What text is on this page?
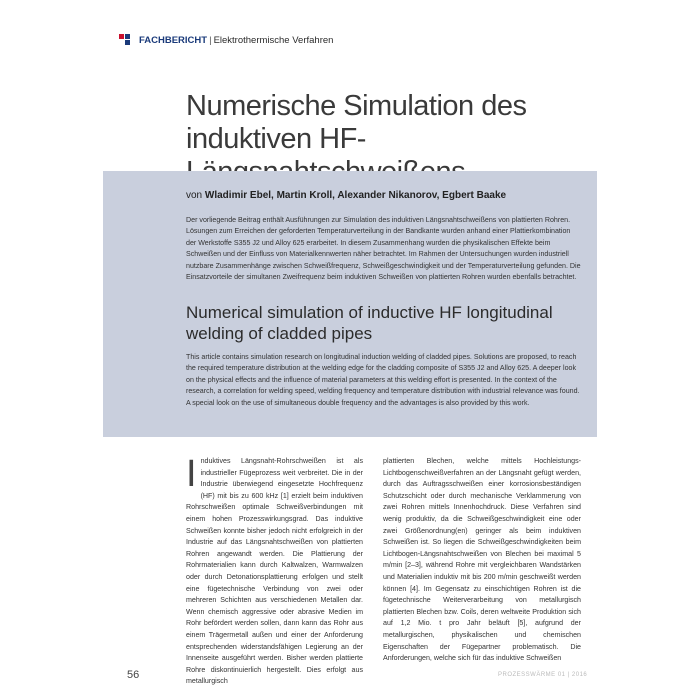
FACHBERICHT | Elektrothermische Verfahren
Numerische Simulation des induktiven HF-
von Wladimir Ebel, Martin Kroll, Alexander Nikanorov, Egbert Baake

Der vorliegende Beitrag enthält Ausführungen zur Simulation des induktiven Längsnahtschweißens von plattierten Rohren. Lösungen zum Erreichen der geforderten Temperaturverteilung in der Bandkante wurden anhand einer Plattierkombination der Werkstoffe S355 J2 und Alloy 625 erarbeitet. In diesem Zusammenhang wurden die physikalischen Effekte beim Schweißen und der Einfluss von Materialkennwerten näher betrachtet. Im Rahmen der Untersuchungen wurden industriell nutzbare Zusammenhänge zwischen Schweißfrequenz, Schweißgeschwindigkeit und der Temperaturverteilung gefunden. Die Einsatzvorteile der simultanen Zweifrequenz beim induktiven Schweißen von plattierten Rohren wurden ebenfalls betrachtet.

Numerical simulation of inductive HF longitudinal welding of cladded pipes

This article contains simulation research on longitudinal induction welding of cladded pipes. Solutions are proposed, to reach the required temperature distribution at the welding edge for the cladding composite of S355 J2 and Alloy 625. A deeper look on the physical effects and the influence of material parameters at this welding effort is presented. In the context of the research, a correlation for welding speed, welding frequency and temperature distribution with industrial relevance was found. A special look on the use of simultaneous double frequency and the advantages is also provided by this work.

Induktives Längsnaht-Rohrschweißen ist als industrieller Fügeprozess weit verbreitet. Die in der Industrie überwiegend eingesetzte Hochfrequenz (HF) mit bis zu 600 kHz [1] erzielt beim induktiven Rohrschweißen optimale Schweißverbindungen mit einem hohen Prozesswirkungsgrad. Das induktive Schweißen konnte bisher jedoch nicht erfolgreich in der Industrie auf das Längsnahtschweißen von plattierten Rohren angewandt werden. Die Plattierung der Rohrmaterialien kann durch Kaltwalzen, Warmwalzen oder durch Detonationsplattierung erfolgen und stellt eine fügetechnische Verbindung von zwei oder mehreren Schichten aus verschiedenen Metallen dar. Wenn chemisch aggressive oder abrasive Medien im Rohr befördert werden sollen, dann kann das Rohr aus einem Trägermetall außen und einer der Anforderung entsprechenden widerstandsfähigen Legierung an der Innenseite ausgeführt werden. Bisher werden plattierte Rohre diskontinuierlich hergestellt. Dies erfolgt aus metallurgisch

plattierten Blechen, welche mittels Hochleistungs-Lichtbogenschweißverfahren an der Längsnaht gefügt werden, durch das Auftragsschweißen einer korrosionsbeständigen Schutzschicht oder durch mechanische Verklammerung von zwei Rohren mittels Innenhochdruck. Diese Verfahren sind wenig produktiv, da die Schweißgeschwindigkeit eine oder zwei Größenordnung(en) geringer als beim induktiven Schweißen ist. So liegen die Schweißgeschwindigkeiten beim Lichtbogen-Längsnahtschweißen von Blechen bei maximal 5 m/min [2–3], während Rohre mit vergleichbaren Wandstärken und Materialien induktiv mit bis 200 m/min geschweißt werden können [4]. Im Gegensatz zu einschichtigen Rohren ist die fügetechnische Weiterverarbeitung von metallurgisch plattierten Blechen bzw. Coils, deren weltweite Produktion sich auf 1,2 Mio. t pro Jahr beläuft [5], aufgrund der metallurgischen, physikalischen und chemischen Eigenschaften der Fügepartner problematisch. Die Anforderungen, welche sich für das induktive Schweißen

56	PROZESSWÄRME 01 | 2016
